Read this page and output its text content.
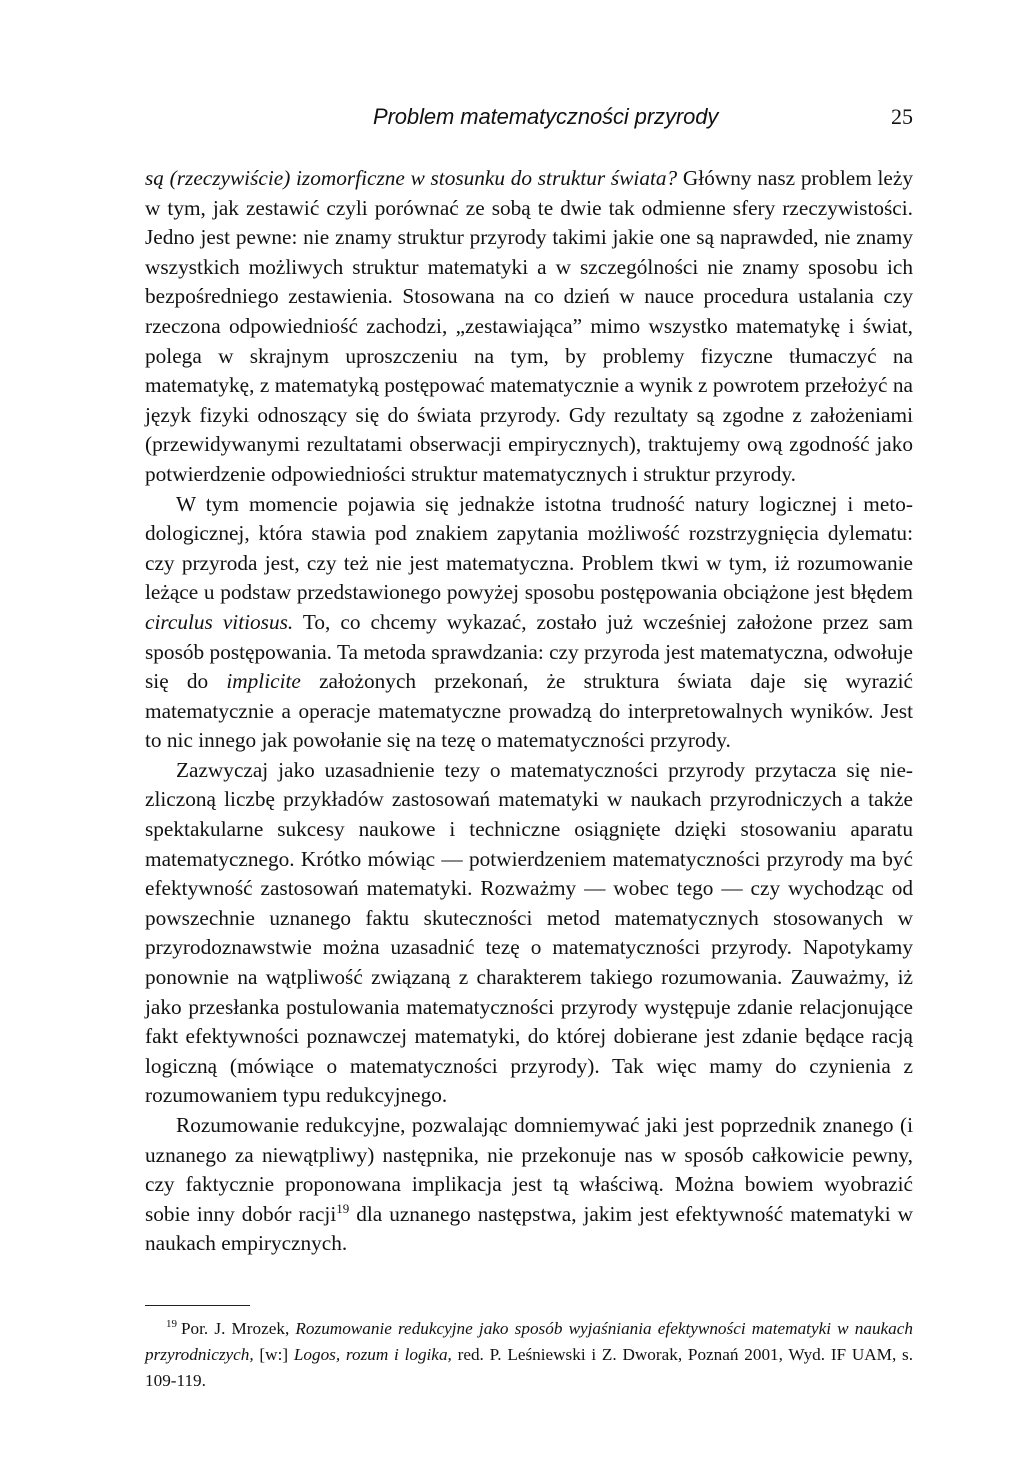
Problem matematyczności przyrody	25

są (rzeczywiście) izomorficzne w stosunku do struktur świata? Główny nasz problem leży w tym, jak zestawić czyli porównać ze sobą te dwie tak odmienne sfery rzeczywistości. Jedno jest pewne: nie znamy struktur przyrody takimi jakie one są naprawded, nie znamy wszystkich możliwych struktur matematyki a w szczególności nie znamy sposobu ich bezpośredniego zestawienia. Stosowana na co dzień w nauce procedura ustalania czy rzeczona odpowiedniość zachodzi, „zestawiająca” mimo wszystko matematykę i świat, polega w skrajnym uproszczeniu na tym, by problemy fizyczne tłumaczyć na matematykę, z matematyką postępować matematycznie a wynik z powrotem przełożyć na język fizyki odnoszący się do świata przyrody. Gdy rezultaty są zgodne z założeniami (przewidywanymi rezultatami obserwacji empirycznych), traktujemy ową zgodność jako potwierdzenie odpowiedniości struktur matematycznych i struktur przyrody.

W tym momencie pojawia się jednakże istotna trudność natury logicznej i metodologicznej, która stawia pod znakiem zapytania możliwość rozstrzygnięcia dylematu: czy przyroda jest, czy też nie jest matematyczna. Problem tkwi w tym, iż rozumowanie leżące u podstaw przedstawionego powyżej sposobu postępowania obciążone jest błędem circulus vitiosus. To, co chcemy wykazać, zostało już wcześniej założone przez sam sposób postępowania. Ta metoda sprawdzania: czy przyroda jest matematyczna, odwołuje się do implicite założonych przekonań, że struktura świata daje się wyrazić matematycznie a operacje matematyczne prowadzą do interpretowalnych wyników. Jest to nic innego jak powołanie się na tezę o matematyczności przyrody.

Zazwyczaj jako uzasadnienie tezy o matematyczności przyrody przytacza się niezliczoną liczbę przykładów zastosowań matematyki w naukach przyrodniczych a także spektakularne sukcesy naukowe i techniczne osiągnięte dzięki stosowaniu aparatu matematycznego. Krótko mówiąc — potwierdzeniem matematyczności przyrody ma być efektywność zastosowań matematyki. Rozważmy — wobec tego — czy wychodząc od powszechnie uznanego faktu skuteczności metod matematycznych stosowanych w przyrodoznawstwie można uzasadnić tezę o matematyczności przyrody. Napotykamy ponownie na wątpliwość związaną z charakterem takiego rozumowania. Zauważmy, iż jako przesłanka postulowania matematyczności przyrody występuje zdanie relacjonujące fakt efektywności poznawczej matematyki, do której dobierane jest zdanie będące racją logiczną (mówiące o matematyczności przyrody). Tak więc mamy do czynienia z rozumowaniem typu redukcyjnego.

Rozumowanie redukcyjne, pozwalając domniemywać jaki jest poprzednik znanego (i uznanego za niewątpliwy) następnika, nie przekonuje nas w sposób całkowicie pewny, czy faktycznie proponowana implikacja jest tą właściwą. Można bowiem wyobrazić sobie inny dobór racji$^{19}$ dla uznanego następstwa, jakim jest efektywność matematyki w naukach empirycznych.

$^{19}$ Por. J. Mrozek, Rozumowanie redukcyjne jako sposób wyjaśniania efektywności matematyki w naukach przyrodniczych, [w:] Logos, rozum i logika, red. P. Leśniewski i Z. Dworak, Poznań 2001, Wyd. IF UAM, s. 109-119.
